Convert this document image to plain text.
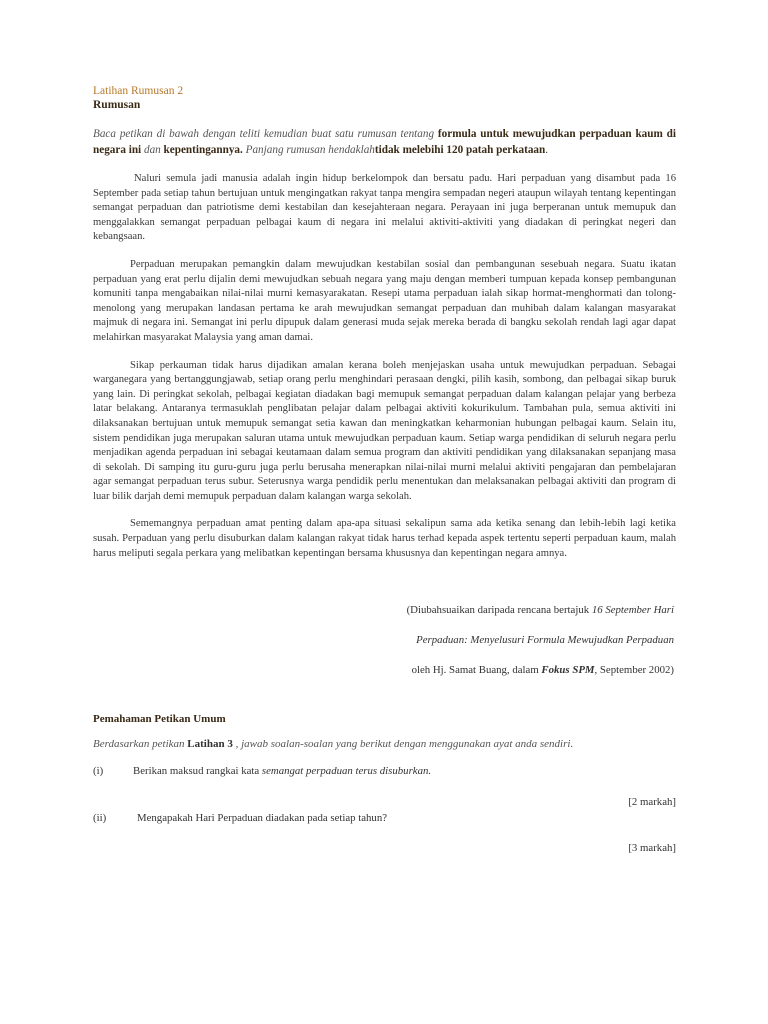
Latihan Rumusan 2
Rumusan
Baca petikan di bawah dengan teliti kemudian buat satu rumusan tentang formula untuk mewujudkan perpaduan kaum di negara ini dan kepentingannya. Panjang rumusan hendaklahtidak melebihi 120 patah perkataan.

Naluri semula jadi manusia adalah ingin hidup berkelompok dan bersatu padu. Hari perpaduan yang disambut pada 16 September pada setiap tahun bertujuan untuk mengingatkan rakyat tanpa mengira sempadan negeri ataupun wilayah tentang kepentingan semangat perpaduan dan patriotisme demi kestabilan dan kesejahteraan negara. Perayaan ini juga berperanan untuk memupuk dan menggalakkan semangat perpaduan pelbagai kaum di negara ini melalui aktiviti-aktiviti yang diadakan di peringkat negeri dan kebangsaan.

Perpaduan merupakan pemangkin dalam mewujudkan kestabilan sosial dan pembangunan sesebuah negara. Suatu ikatan perpaduan yang erat perlu dijalin demi mewujudkan sebuah negara yang maju dengan memberi tumpuan kepada konsep pembangunan komuniti tanpa mengabaikan nilai-nilai murni kemasyarakatan. Resepi utama perpaduan ialah sikap hormat-menghormati dan tolong-menolong yang merupakan landasan pertama ke arah mewujudkan semangat perpaduan dan muhibah dalam kalangan masyarakat majmuk di negara ini. Semangat ini perlu dipupuk dalam generasi muda sejak mereka berada di bangku sekolah rendah lagi agar dapat melahirkan masyarakat Malaysia yang aman damai.

Sikap perkauman tidak harus dijadikan amalan kerana boleh menjejaskan usaha untuk mewujudkan perpaduan. Sebagai warganegara yang bertanggungjawab, setiap orang perlu menghindari perasaan dengki, pilih kasih, sombong, dan pelbagai sikap buruk yang lain. Di peringkat sekolah, pelbagai kegiatan diadakan bagi memupuk semangat perpaduan dalam kalangan pelajar yang berbeza latar belakang. Antaranya termasuklah penglibatan pelajar dalam pelbagai aktiviti kokurikulum. Tambahan pula, semua aktiviti ini dilaksanakan bertujuan untuk memupuk semangat setia kawan dan meningkatkan keharmonian hubungan pelbagai kaum. Selain itu, sistem pendidikan juga merupakan saluran utama untuk mewujudkan perpaduan kaum. Setiap warga pendidikan di seluruh negara perlu menjadikan agenda perpaduan ini sebagai keutamaan dalam semua program dan aktiviti pendidikan yang dilaksanakan sepanjang masa di sekolah. Di samping itu guru-guru juga perlu berusaha menerapkan nilai-nilai murni melalui aktiviti pengajaran dan pembelajaran agar semangat perpaduan terus subur. Seterusnya warga pendidik perlu menentukan dan melaksanakan pelbagai aktiviti dan program di luar bilik darjah demi memupuk perpaduan dalam kalangan warga sekolah.

Sememangnya perpaduan amat penting dalam apa-apa situasi sekalipun sama ada ketika senang dan lebih-lebih lagi ketika susah. Perpaduan yang perlu disuburkan dalam kalangan rakyat tidak harus terhad kepada aspek tertentu seperti perpaduan kaum, malah harus meliputi segala perkara yang melibatkan kepentingan bersama khususnya dan kepentingan negara amnya.

(Diubahsuaikan daripada rencana bertajuk 16 September Hari
Perpaduan: Menyelusuri Formula Mewujudkan Perpaduan
oleh Hj. Samat Buang, dalam Fokus SPM, September 2002)
Pemahaman Petikan Umum
Berdasarkan petikan Latihan 3 , jawab soalan-soalan yang berikut dengan menggunakan ayat anda sendiri.
(i)	Berikan maksud rangkai kata semangat perpaduan terus disuburkan.
[2 markah]
(ii)	Mengapakah Hari Perpaduan diadakan pada setiap tahun?
[3 markah]
